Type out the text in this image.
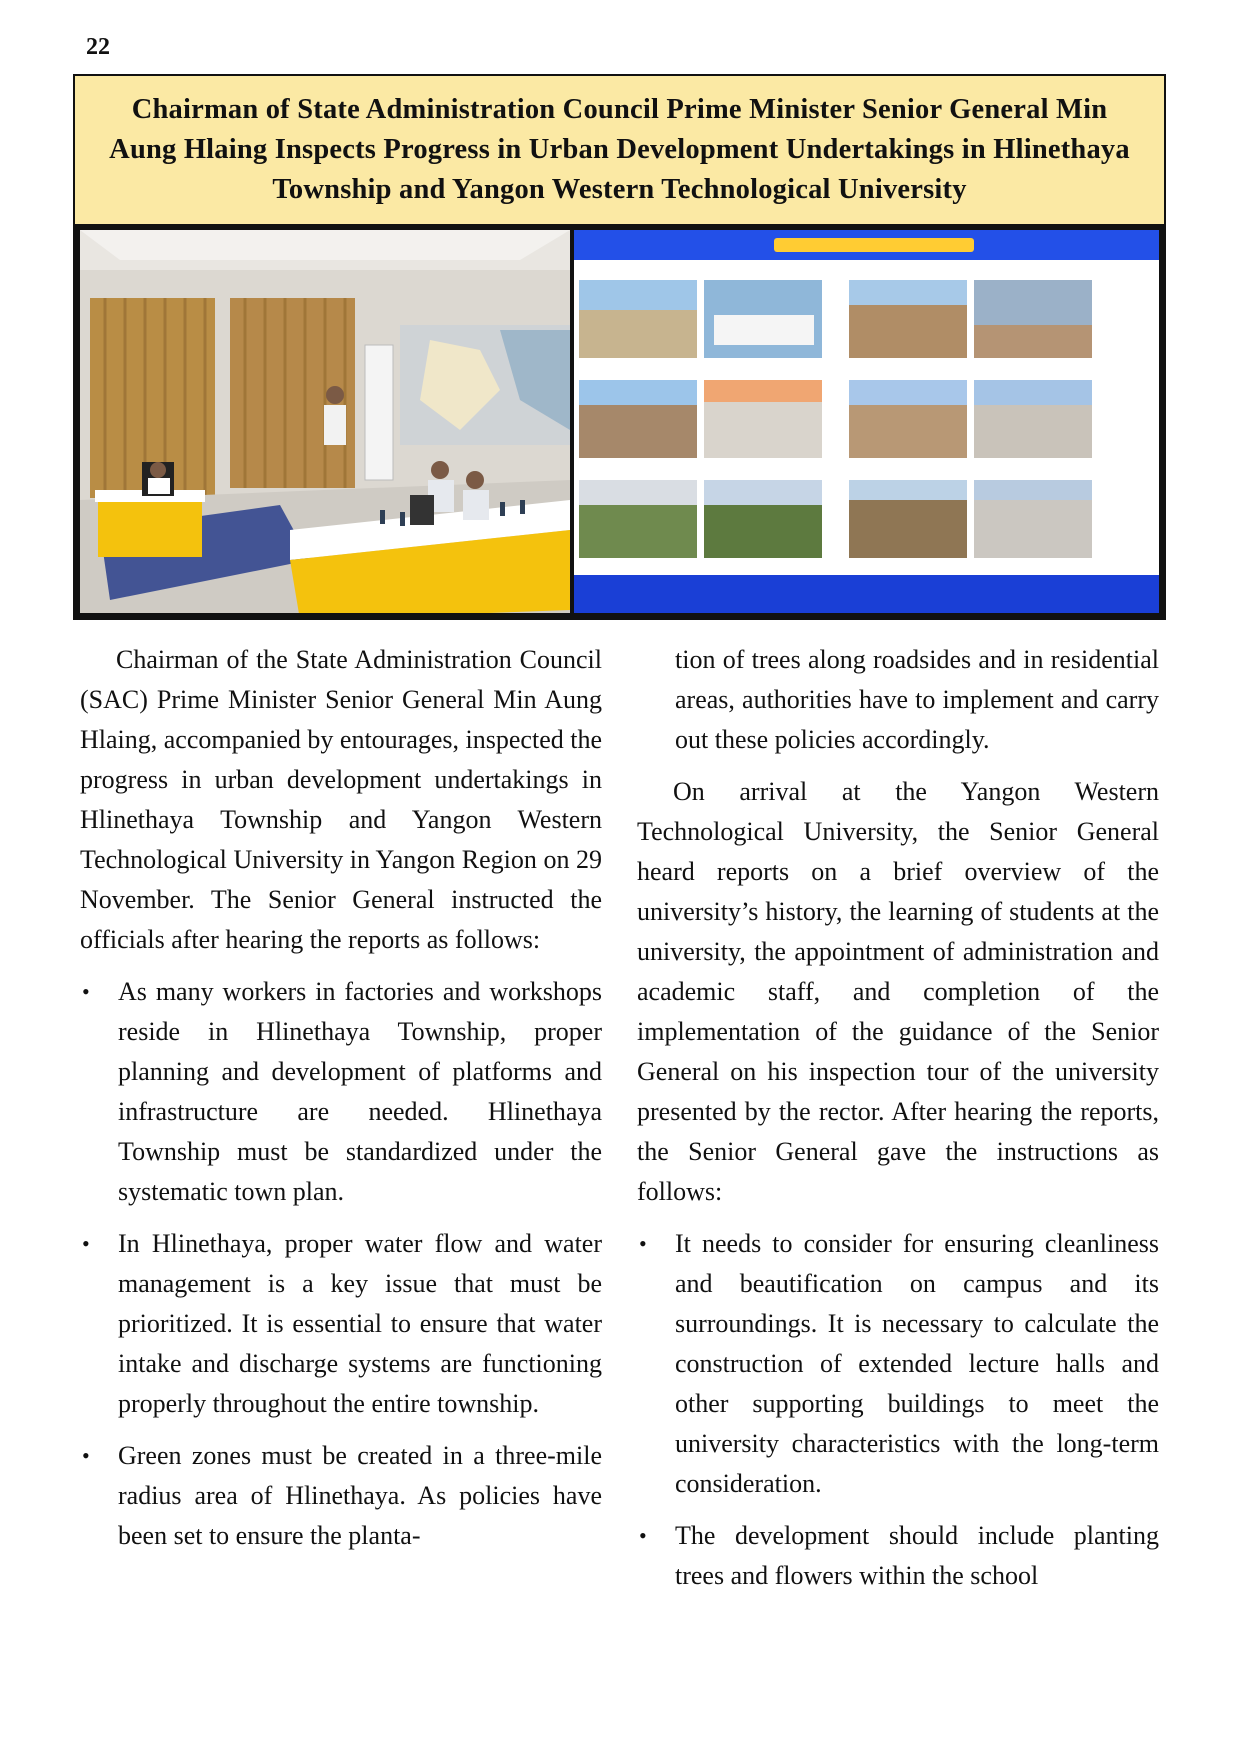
22
Chairman of State Administration Council Prime Minister Senior General Min Aung Hlaing Inspects Progress in Urban Development Undertakings in Hlinethaya Township and Yangon Western Technological University

Chairman of the State Administration Council (SAC) Prime Minister Senior General Min Aung Hlaing, accompanied by entourages, inspected the progress in urban development undertakings in Hlinethaya Township and Yangon Western Technological University in Yangon Region on 29 November. The Senior General instructed the officials after hearing the reports as follows:

• As many workers in factories and workshops reside in Hlinethaya Township, proper planning and development of platforms and infrastructure are needed. Hlinethaya Township must be standardized under the systematic town plan.
• In Hlinethaya, proper water flow and water management is a key issue that must be prioritized. It is essential to ensure that water intake and discharge systems are functioning properly throughout the entire township.
• Green zones must be created in a three-mile radius area of Hlinethaya. As policies have been set to ensure the planta-

tion of trees along roadsides and in residential areas, authorities have to implement and carry out these policies accordingly.

On arrival at the Yangon Western Technological University, the Senior General heard reports on a brief overview of the university’s history, the learning of students at the university, the appointment of administration and academic staff, and completion of the implementation of the guidance of the Senior General on his inspection tour of the university presented by the rector. After hearing the reports, the Senior General gave the instructions as follows:

• It needs to consider for ensuring cleanliness and beautification on campus and its surroundings. It is necessary to calculate the construction of extended lecture halls and other supporting buildings to meet the university characteristics with the long-term consideration.
• The development should include planting trees and flowers within the school
